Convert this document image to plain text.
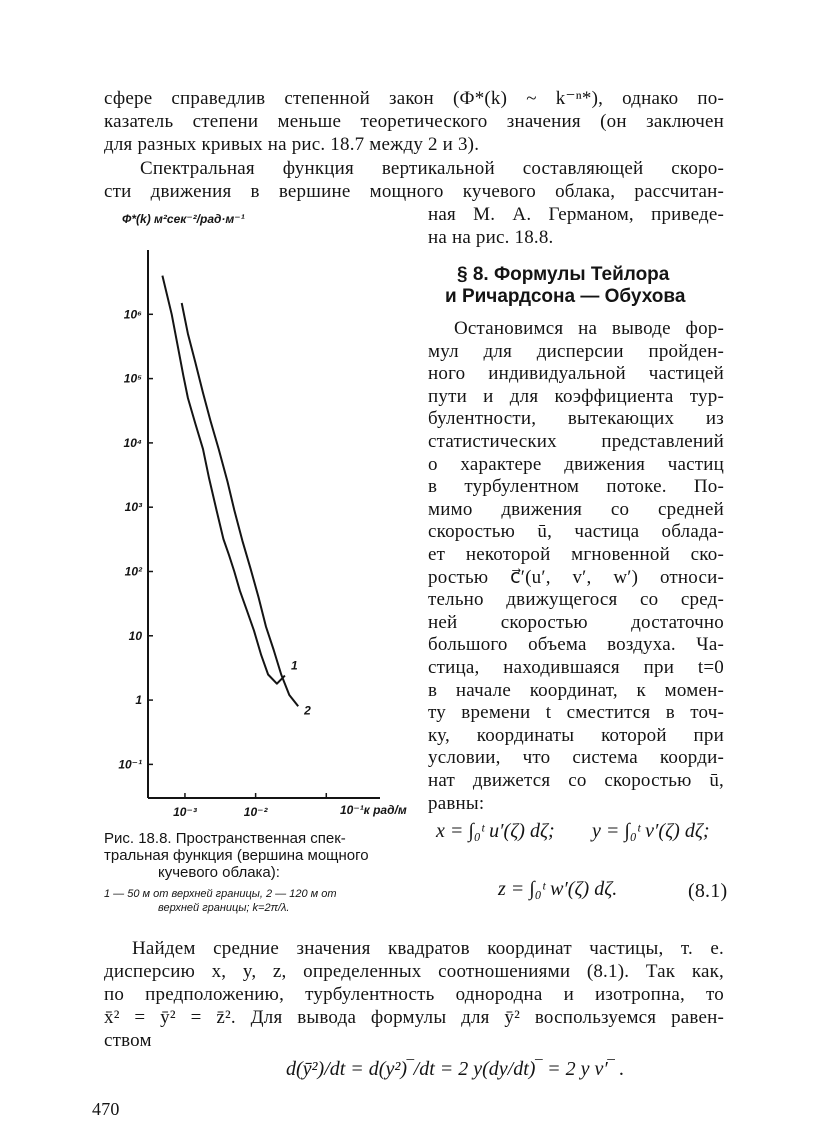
сфере справедлив степенной закон (Ф*(k) ~ k⁻ⁿ*), однако по-
казатель степени меньше теоретического значения (он заключен
для разных кривых на рис. 18.7 между 2 и 3).
Спектральная функция вертикальной составляющей скоро-
сти движения в вершине мощного кучевого облака, рассчитан-
ная М. А. Германом, приведе-
на на рис. 18.8.
§ 8. Формулы Тейлора
и Ричардсона — Обухова
Остановимся на выводе фор-
мул для дисперсии пройден-
ного индивидуальной частицей
пути и для коэффициента тур-
булентности, вытекающих из
статистических представлений
о характере движения частиц
в турбулентном потоке. По-
мимо движения со средней
скоростью ū, частица облада-
ет некоторой мгновенной ско-
ростью c⃗′(u′, v′, w′) относи-
тельно движущегося со сред-
ней скоростью достаточно
большого объема воздуха. Ча-
стица, находившаяся при t=0
в начале координат, к момен-
ту времени t сместится в точ-
ку, координаты которой при
условии, что система коорди-
нат движется со скоростью ū,
равны:
Ф*(k) м²сек⁻²/рад·м⁻¹
10⁶
10⁵
10⁴
10³
10²
10
1
10⁻¹
10⁻³	10⁻²
1
2
10⁻¹к рад/м
Рис. 18.8. Пространственная спек-
тральная функция (вершина мощного
кучевого облака):
1 — 50 м от верхней границы, 2 — 120 м от
верхней границы; k=2π/λ.
x = ∫₀ᵗ u′(ζ) dζ; y = ∫₀ᵗ v′(ζ) dζ;
z = ∫₀ᵗ w′(ζ) dζ.	(8.1)
Найдем средние значения квадратов координат частицы, т. е.
дисперсию x, y, z, определенных соотношениями (8.1). Так как,
по предположению, турбулентность однородна и изотропна, то
x̄² = ȳ² = z̄². Для вывода формулы для ȳ² воспользуемся равен-
ством
d(ȳ²)/dt = d(y²)‾/dt = 2 y(dy/dt)‾ = 2 y v′‾ .
470
